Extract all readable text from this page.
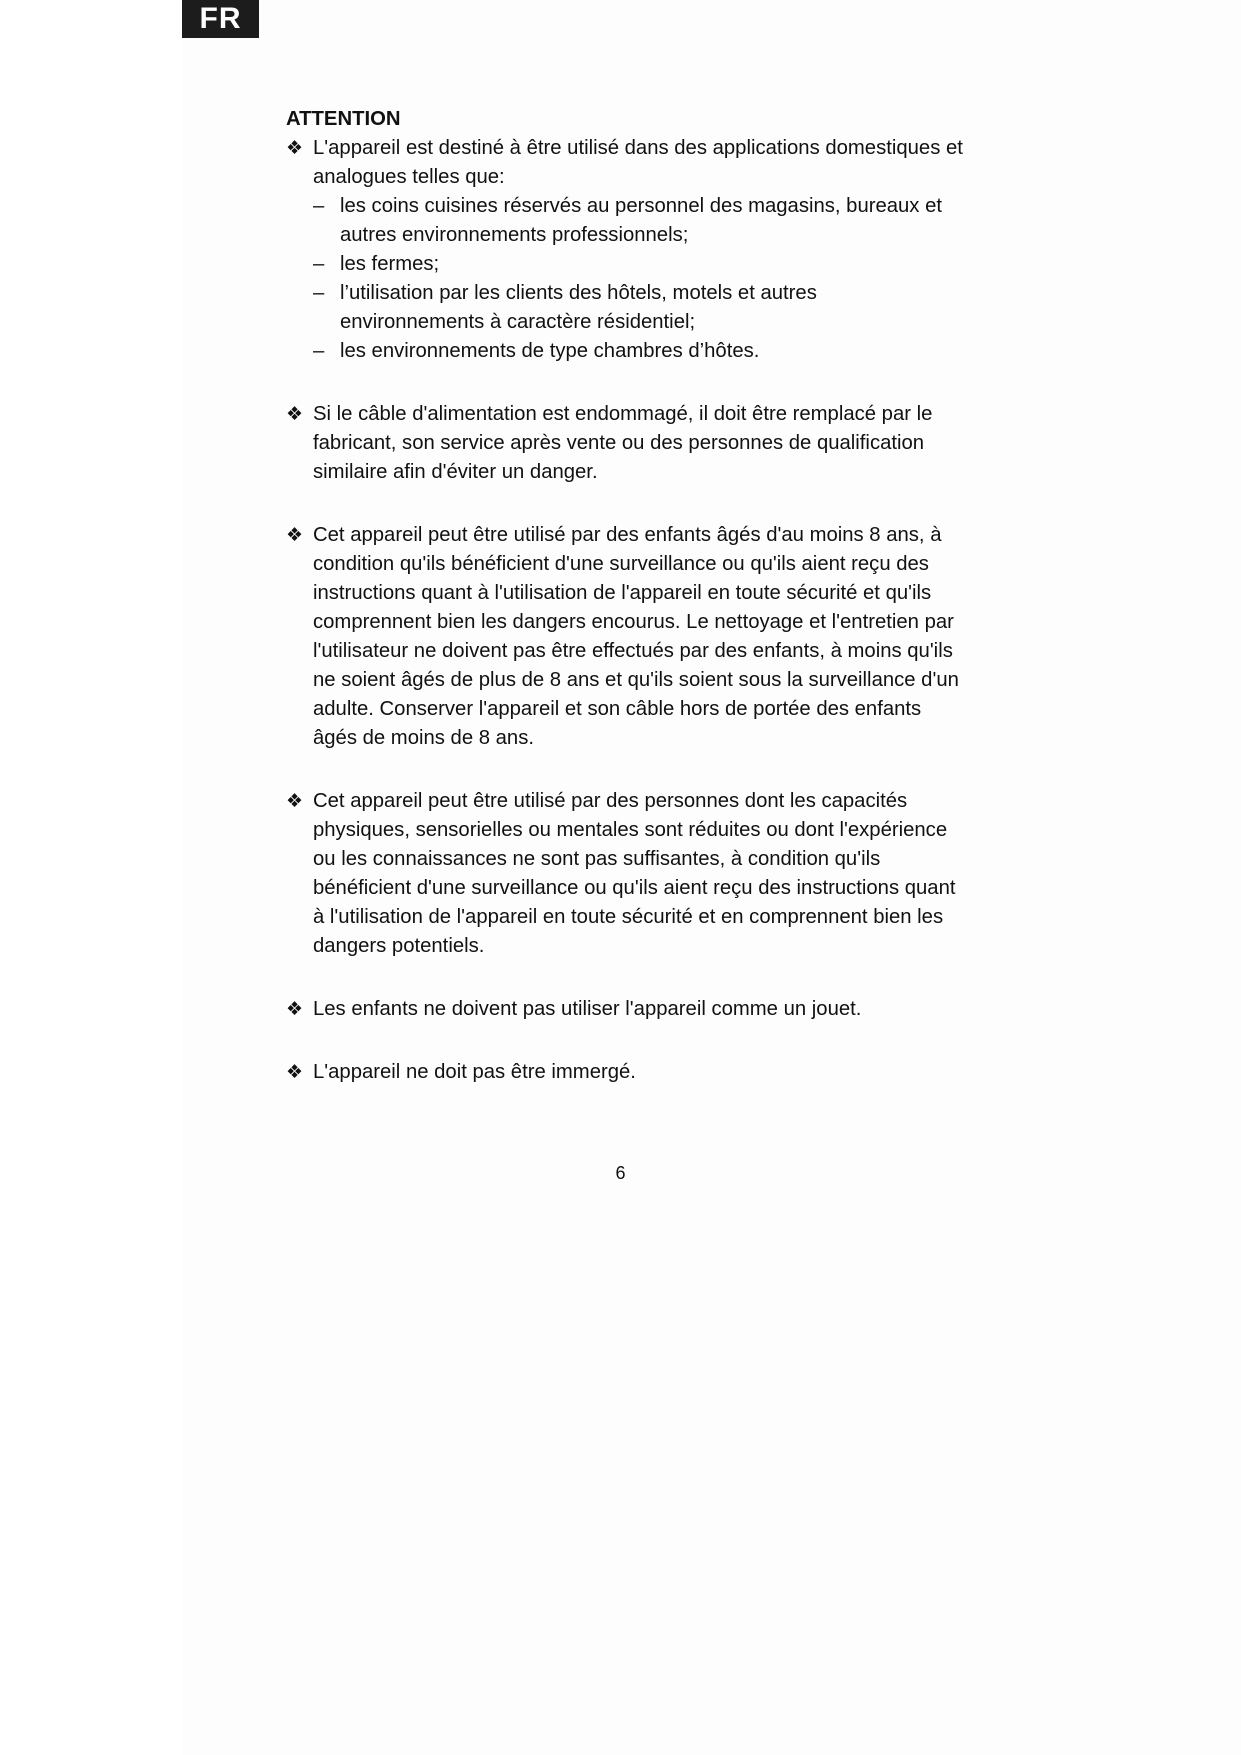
FR

ATTENTION

❖ L'appareil est destiné à être utilisé dans des applications domestiques et analogues telles que:
– les coins cuisines réservés au personnel des magasins, bureaux et autres environnements professionnels;
– les fermes;
– l’utilisation par les clients des hôtels, motels et autres environnements à caractère résidentiel;
– les environnements de type chambres d’hôtes.
❖ Si le câble d'alimentation est endommagé, il doit être remplacé par le fabricant, son service après vente ou des personnes de qualification similaire afin d'éviter un danger.
❖ Cet appareil peut être utilisé par des enfants âgés d'au moins 8 ans, à condition qu'ils bénéficient d'une surveillance ou qu'ils aient reçu des instructions quant à l'utilisation de l'appareil en toute sécurité et qu'ils comprennent bien les dangers encourus. Le nettoyage et l'entretien par l'utilisateur ne doivent pas être effectués par des enfants, à moins qu'ils ne soient âgés de plus de 8 ans et qu'ils soient sous la surveillance d'un adulte. Conserver l'appareil et son câble hors de portée des enfants âgés de moins de 8 ans.
❖ Cet appareil peut être utilisé par des personnes dont les capacités physiques, sensorielles ou mentales sont réduites ou dont l'expérience ou les connaissances ne sont pas suffisantes, à condition qu'ils bénéficient d'une surveillance ou qu'ils aient reçu des instructions quant à l'utilisation de l'appareil en toute sécurité et en comprennent bien les dangers potentiels.
❖ Les enfants ne doivent pas utiliser l'appareil comme un jouet.
❖ L'appareil ne doit pas être immergé.
6
